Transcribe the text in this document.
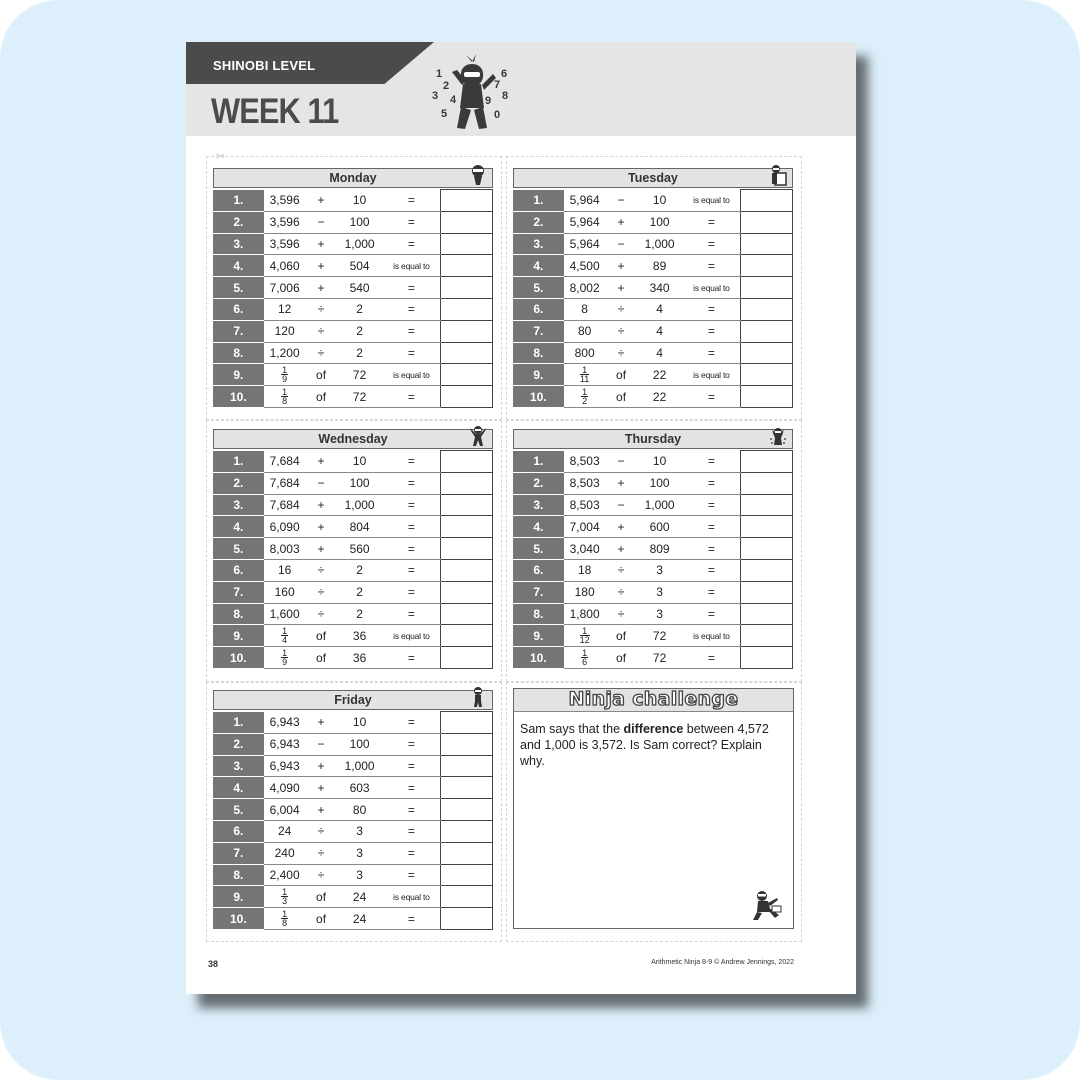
SHINOBI LEVEL
WEEK 11
1
2
3 4
5
6
7
8
9
0
✂
Monday
1.	3,596	+	10	=	
2.	3,596	−	100	=	
3.	3,596	+	1,000	=	
4.	4,060	+	504	is equal to	
5.	7,006	+	540	=	
6.	12	÷	2	=	
7.	120	÷	2	=	
8.	1,200	÷	2	=	
9.	$\frac{1}{9}$	of	72	is equal to	
10.	$\frac{1}{8}$	of	72	=	
Tuesday
1.	5,964	−	10	is equal to	
2.	5,964	+	100	=	
3.	5,964	−	1,000	=	
4.	4,500	+	89	=	
5.	8,002	+	340	is equal to	
6.	8	÷	4	=	
7.	80	÷	4	=	
8.	800	÷	4	=	
9.	$\frac{1}{11}$	of	22	is equal to	
10.	$\frac{1}{2}$	of	22	=	
Wednesday
1.	7,684	+	10	=	
2.	7,684	−	100	=	
3.	7,684	+	1,000	=	
4.	6,090	+	804	=	
5.	8,003	+	560	=	
6.	16	÷	2	=	
7.	160	÷	2	=	
8.	1,600	÷	2	=	
9.	$\frac{1}{4}$	of	36	is equal to	
10.	$\frac{1}{9}$	of	36	=	
Thursday
1.	8,503	−	10	=	
2.	8,503	+	100	=	
3.	8,503	−	1,000	=	
4.	7,004	+	600	=	
5.	3,040	+	809	=	
6.	18	÷	3	=	
7.	180	÷	3	=	
8.	1,800	÷	3	=	
9.	$\frac{1}{12}$	of	72	is equal to	
10.	$\frac{1}{6}$	of	72	=	
Friday
1.	6,943	+	10	=	
2.	6,943	−	100	=	
3.	6,943	+	1,000	=	
4.	4,090	+	603	=	
5.	6,004	+	80	=	
6.	24	÷	3	=	
7.	240	÷	3	=	
8.	2,400	÷	3	=	
9.	$\frac{1}{3}$	of	24	is equal to	
10.	$\frac{1}{8}$	of	24	=	
Ninja challenge
Sam says that the difference between 4,572 and 1,000 is 3,572. Is Sam correct? Explain why.
38	Arithmetic Ninja 8-9 © Andrew Jennings, 2022
